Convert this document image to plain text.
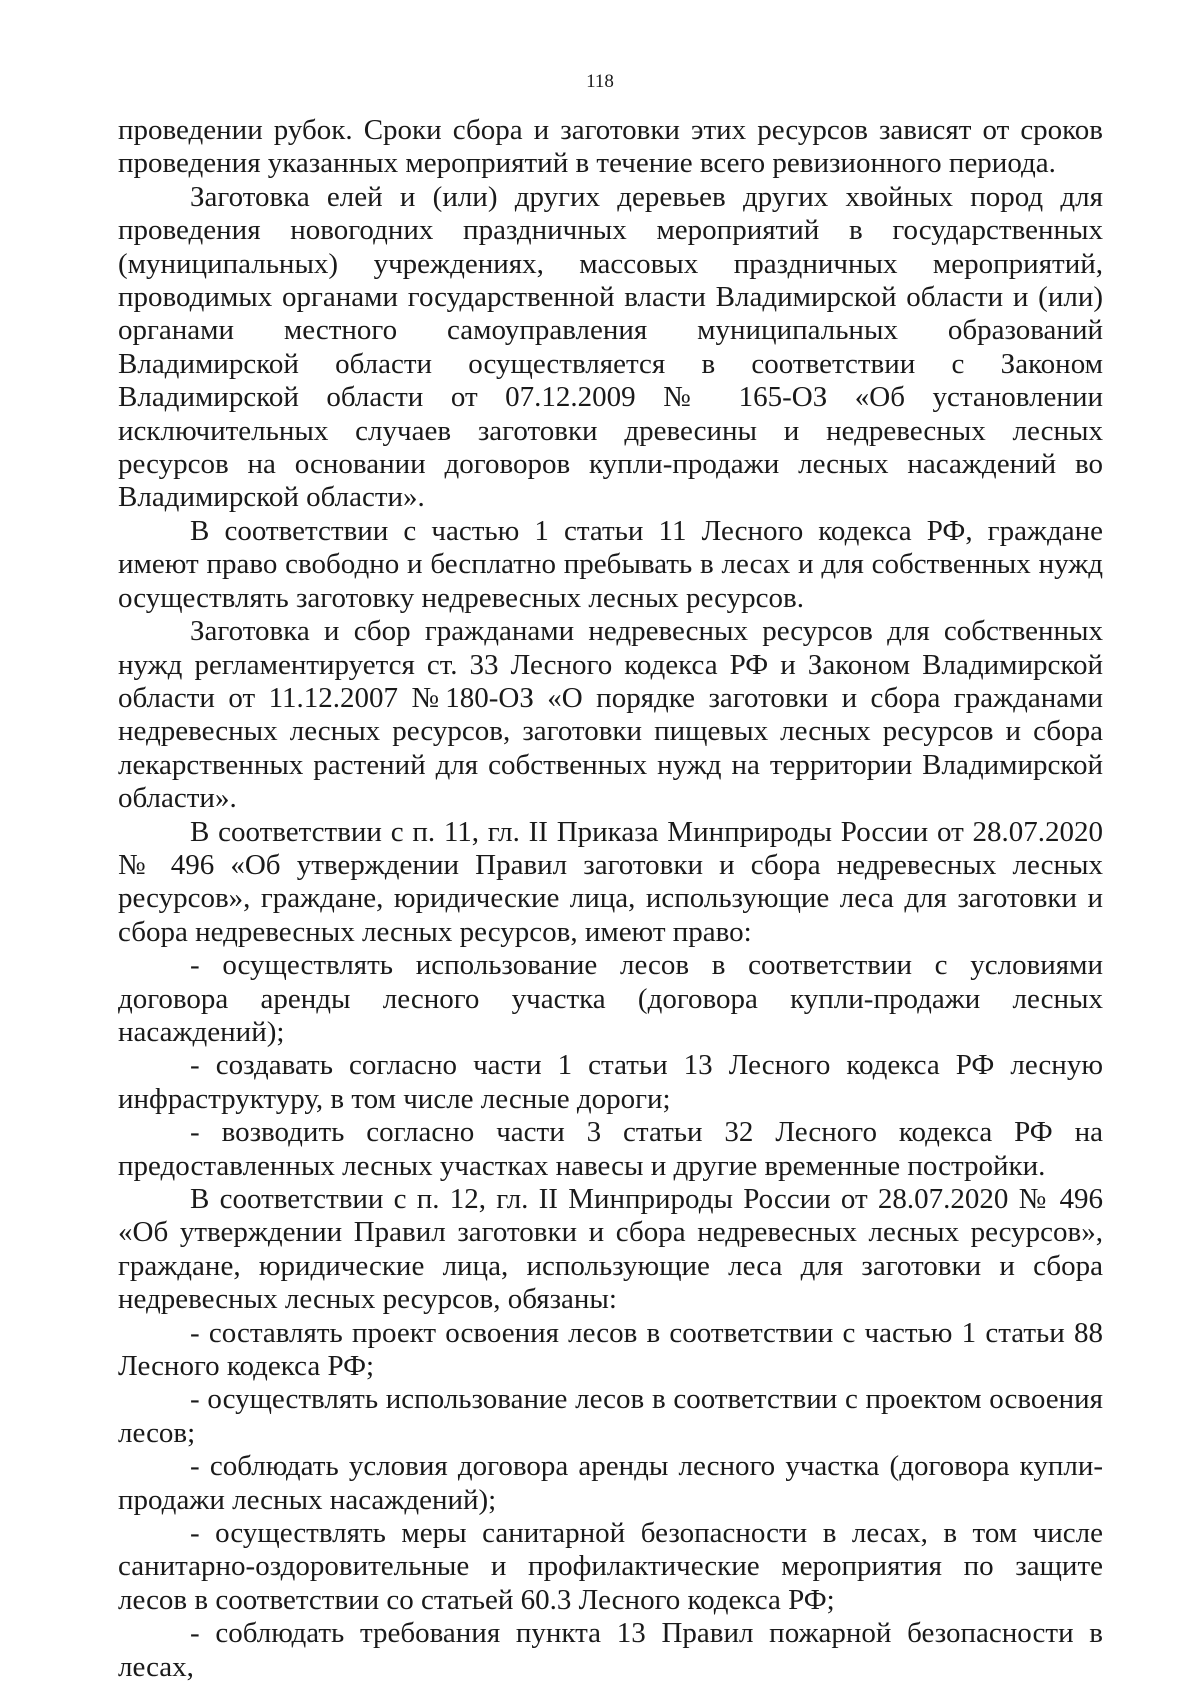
118

проведении рубок. Сроки сбора и заготовки этих ресурсов зависят от сроков проведения указанных мероприятий в течение всего ревизионного периода.

Заготовка елей и (или) других деревьев других хвойных пород для проведения новогодних праздничных мероприятий в государственных (муниципальных) учреждениях, массовых праздничных мероприятий, проводимых органами государственной власти Владимирской области и (или) органами местного самоуправления муниципальных образований Владимирской области осуществляется в соответствии с Законом Владимирской области от 07.12.2009 № 165-ОЗ «Об установлении исключительных случаев заготовки древесины и недревесных лесных ресурсов на основании договоров купли-продажи лесных насаждений во Владимирской области».

В соответствии с частью 1 статьи 11 Лесного кодекса РФ, граждане имеют право свободно и бесплатно пребывать в лесах и для собственных нужд осуществлять заготовку недревесных лесных ресурсов.

Заготовка и сбор гражданами недревесных ресурсов для собственных нужд регламентируется ст. 33 Лесного кодекса РФ и Законом Владимирской области от 11.12.2007 №180-ОЗ «О порядке заготовки и сбора гражданами недревесных лесных ресурсов, заготовки пищевых лесных ресурсов и сбора лекарственных растений для собственных нужд на территории Владимирской области».

В соответствии с п. 11, гл. II Приказа Минприроды России от 28.07.2020 № 496 «Об утверждении Правил заготовки и сбора недревесных лесных ресурсов», граждане, юридические лица, использующие леса для заготовки и сбора недревесных лесных ресурсов, имеют право:

- осуществлять использование лесов в соответствии с условиями договора аренды лесного участка (договора купли-продажи лесных насаждений);

- создавать согласно части 1 статьи 13 Лесного кодекса РФ лесную инфраструктуру, в том числе лесные дороги;

- возводить согласно части 3 статьи 32 Лесного кодекса РФ на предоставленных лесных участках навесы и другие временные постройки.

В соответствии с п. 12, гл. II Минприроды России от 28.07.2020 № 496 «Об утверждении Правил заготовки и сбора недревесных лесных ресурсов», граждане, юридические лица, использующие леса для заготовки и сбора недревесных лесных ресурсов, обязаны:

- составлять проект освоения лесов в соответствии с частью 1 статьи 88 Лесного кодекса РФ;

- осуществлять использование лесов в соответствии с проектом освоения лесов;

- соблюдать условия договора аренды лесного участка (договора купли-продажи лесных насаждений);

- осуществлять меры санитарной безопасности в лесах, в том числе санитарно-оздоровительные и профилактические мероприятия по защите лесов в соответствии со статьей 60.3 Лесного кодекса РФ;

- соблюдать требования пункта 13 Правил пожарной безопасности в лесах,
